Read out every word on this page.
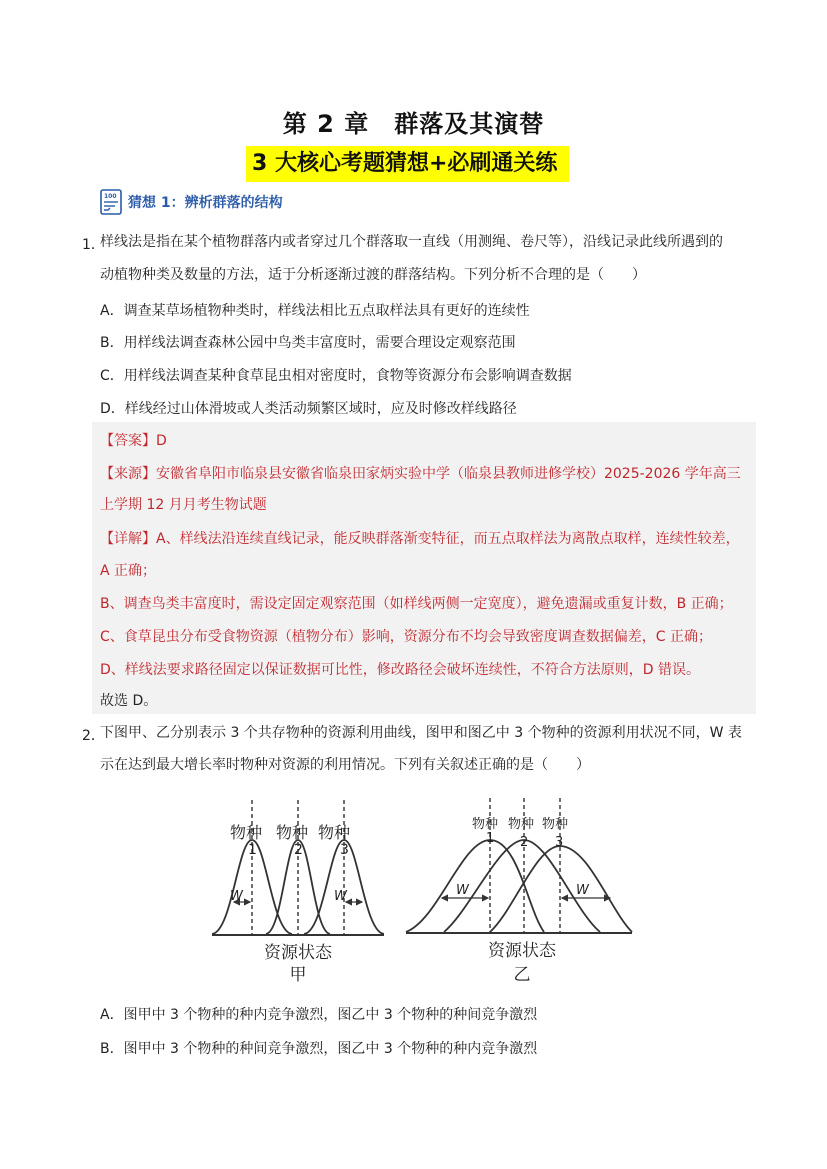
第 2 章　群落及其演替
3 大核心考题猜想+必刷通关练
100 猜想 1：辨析群落的结构
1．
样线法是指在某个植物群落内或者穿过几个群落取一直线（用测绳、卷尺等），沿线记录此线所遇到的
动植物种类及数量的方法，适于分析逐渐过渡的群落结构。下列分析不合理的是（　　）
A．调查某草场植物种类时，样线法相比五点取样法具有更好的连续性
B．用样线法调查森林公园中鸟类丰富度时，需要合理设定观察范围
C．用样线法调查某种食草昆虫相对密度时，食物等资源分布会影响调查数据
D．样线经过山体滑坡或人类活动频繁区域时，应及时修改样线路径
【答案】D
【来源】安徽省阜阳市临泉县安徽省临泉田家炳实验中学（临泉县教师进修学校）2025-2026 学年高三
上学期 12 月月考生物试题
【详解】A、样线法沿连续直线记录，能反映群落渐变特征，而五点取样法为离散点取样，连续性较差，
A 正确；
B、调查鸟类丰富度时，需设定固定观察范围（如样线两侧一定宽度），避免遗漏或重复计数，B 正确；
C、食草昆虫分布受食物资源（植物分布）影响，资源分布不均会导致密度调查数据偏差，C 正确；
D、样线法要求路径固定以保证数据可比性，修改路径会破坏连续性，不符合方法原则，D 错误。
故选 D。
2．
下图甲、乙分别表示 3 个共存物种的资源利用曲线，图甲和图乙中 3 个物种的资源利用状况不同，W 表
示在达到最大增长率时物种对资源的利用情况。下列有关叙述正确的是（　　）
W	W
物种 物种 物种
1	2	3
资源状态
甲
W	W
物种 物种 物种
1 2 3
资源状态
乙
A．图甲中 3 个物种的种内竞争激烈，图乙中 3 个物种的种间竞争激烈
B．图甲中 3 个物种的种间竞争激烈，图乙中 3 个物种的种内竞争激烈
